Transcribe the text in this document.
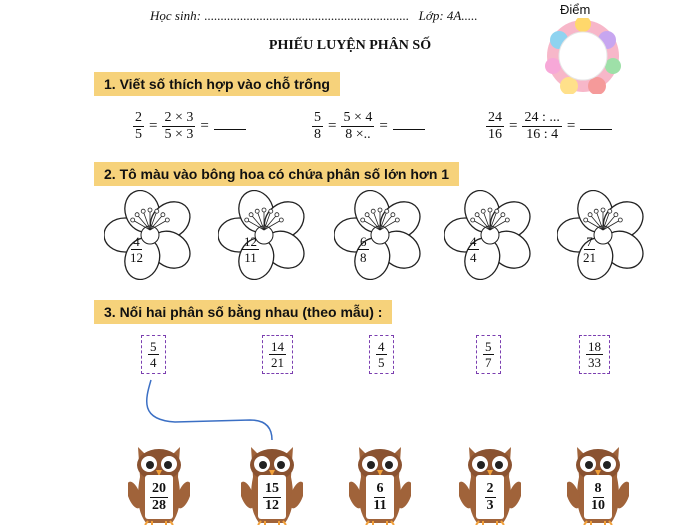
Học sinh: ............................................................... Lớp: 4A.....	Điểm
PHIẾU LUYỆN PHÂN SỐ
1. Viết số thích hợp vào chỗ trống
$\frac{2}{5} = \frac{2 \times 3}{5 \times 3}$ =	$\frac{5}{8} = \frac{5 \times 4}{8 \times..}$ =	$\frac{24}{16} = \frac{24 : ...}{16 : 4}$ =
2. Tô màu vào bông hoa có chứa phân số lớn hơn 1
$\frac{4}{12}$	$\frac{12}{11}$	$\frac{6}{8}$	$\frac{4}{4}$	$\frac{7}{21}$
3. Nối hai phân số bằng nhau (theo mẫu) :
$\frac{5}{4}$	$\frac{14}{21}$	$\frac{4}{5}$	$\frac{5}{7}$	$\frac{18}{33}$
$\frac{20}{28}$	$\frac{15}{12}$	$\frac{6}{11}$	$\frac{2}{3}$	$\frac{8}{10}$
